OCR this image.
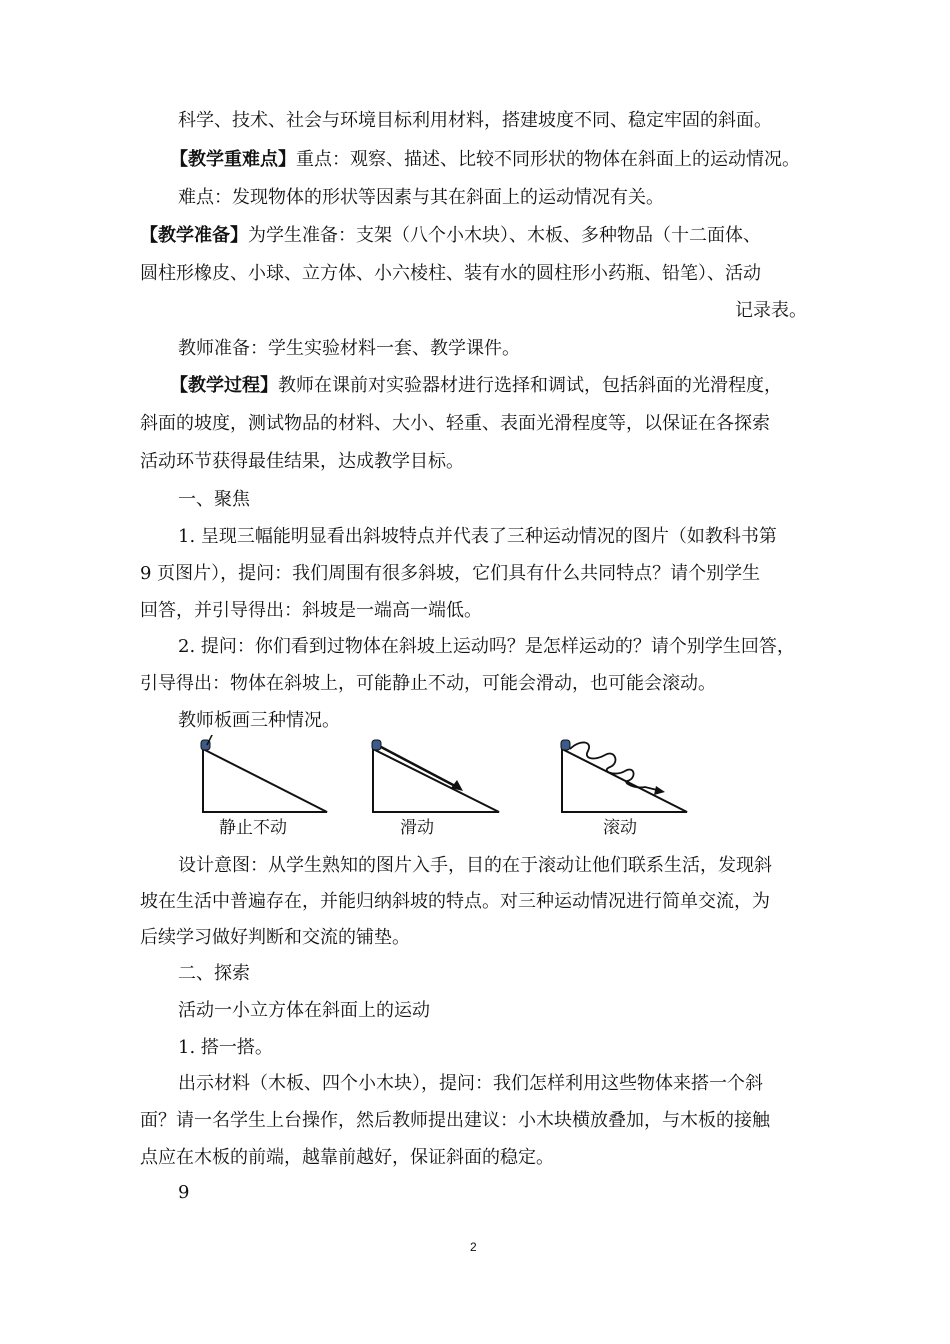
科学、技术、社会与环境目标利用材料，搭建坡度不同、稳定牢固的斜面。
【教学重难点】重点：观察、描述、比较不同形状的物体在斜面上的运动情况。
难点：发现物体的形状等因素与其在斜面上的运动情况有关。
【教学准备】为学生准备：支架（八个小木块）、木板、多种物品（十二面体、
圆柱形橡皮、小球、立方体、小六棱柱、装有水的圆柱形小药瓶、铅笔）、活动
记录表。
教师准备：学生实验材料一套、教学课件。
【教学过程】教师在课前对实验器材进行选择和调试，包括斜面的光滑程度，
斜面的坡度，测试物品的材料、大小、轻重、表面光滑程度等，以保证在各探索
活动环节获得最佳结果，达成教学目标。
一、聚焦
1. 呈现三幅能明显看出斜坡特点并代表了三种运动情况的图片（如教科书第
9 页图片），提问：我们周围有很多斜坡，它们具有什么共同特点？请个别学生
回答，并引导得出：斜坡是一端高一端低。
2. 提问：你们看到过物体在斜坡上运动吗？是怎样运动的？请个别学生回答，
引导得出：物体在斜坡上，可能静止不动，可能会滑动，也可能会滚动。
教师板画三种情况。
静止不动	滑动	滚动
设计意图：从学生熟知的图片入手，目的在于滚动让他们联系生活，发现斜
坡在生活中普遍存在，并能归纳斜坡的特点。对三种运动情况进行简单交流，为
后续学习做好判断和交流的铺垫。
二、探索
活动一小立方体在斜面上的运动
1. 搭一搭。
出示材料（木板、四个小木块），提问：我们怎样利用这些物体来搭一个斜
面？请一名学生上台操作，然后教师提出建议：小木块横放叠加，与木板的接触
点应在木板的前端，越靠前越好，保证斜面的稳定。
9
2
